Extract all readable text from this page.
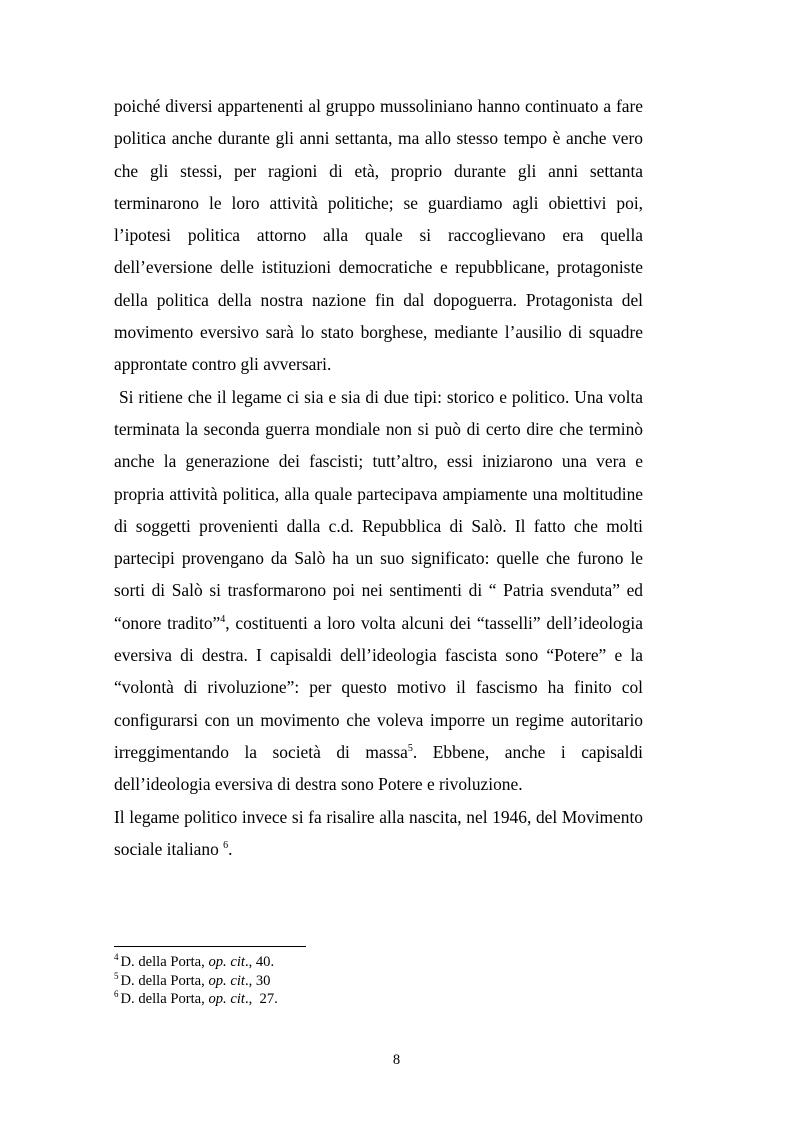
poiché diversi appartenenti al gruppo mussoliniano hanno continuato a fare politica anche durante gli anni settanta, ma allo stesso tempo è anche vero che gli stessi, per ragioni di età, proprio durante gli anni settanta terminarono le loro attività politiche; se guardiamo agli obiettivi poi, l’ipotesi politica attorno alla quale si raccoglievano era quella dell’eversione delle istituzioni democratiche e repubblicane, protagoniste della politica della nostra nazione fin dal dopoguerra. Protagonista del movimento eversivo sarà lo stato borghese, mediante l’ausilio di squadre approntate contro gli avversari.

Si ritiene che il legame ci sia e sia di due tipi: storico e politico. Una volta terminata la seconda guerra mondiale non si può di certo dire che terminò anche la generazione dei fascisti; tutt’altro, essi iniziarono una vera e propria attività politica, alla quale partecipava ampiamente una moltitudine di soggetti provenienti dalla c.d. Repubblica di Salò. Il fatto che molti partecipi provengano da Salò ha un suo significato: quelle che furono le sorti di Salò si trasformarono poi nei sentimenti di “ Patria svenduta” ed “onore tradito”$^4$, costituenti a loro volta alcuni dei “tasselli” dell’ideologia eversiva di destra. I capisaldi dell’ideologia fascista sono “Potere” e la “volontà di rivoluzione”: per questo motivo il fascismo ha finito col configurarsi con un movimento che voleva imporre un regime autoritario irreggimentando la società di massa$^5$. Ebbene, anche i capisaldi dell’ideologia eversiva di destra sono Potere e rivoluzione.

Il legame politico invece si fa risalire alla nascita, nel 1946, del Movimento sociale italiano $^6$.

$^4$ D. della Porta, op. cit., 40.

$^5$ D. della Porta, op. cit., 30

$^6$ D. della Porta, op. cit.,  27.

8
